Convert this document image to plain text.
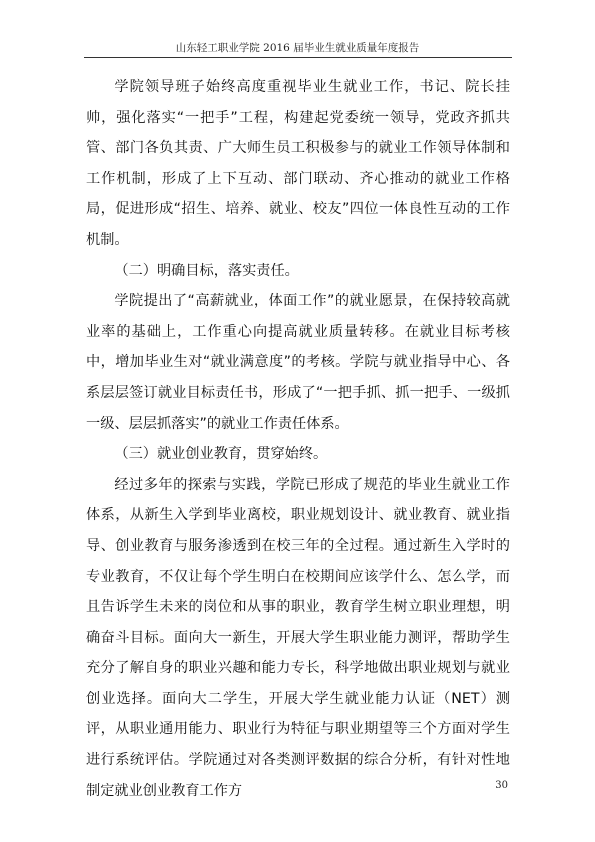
山东轻工职业学院 2016 届毕业生就业质量年度报告

学院领导班子始终高度重视毕业生就业工作，书记、院长挂帅，强化落实“一把手”工程，构建起党委统一领导，党政齐抓共管、部门各负其责、广大师生员工积极参与的就业工作领导体制和工作机制，形成了上下互动、部门联动、齐心推动的就业工作格局，促进形成“招生、培养、就业、校友”四位一体良性互动的工作机制。

（二）明确目标，落实责任。

学院提出了“高薪就业，体面工作”的就业愿景，在保持较高就业率的基础上，工作重心向提高就业质量转移。在就业目标考核中，增加毕业生对“就业满意度”的考核。学院与就业指导中心、各系层层签订就业目标责任书，形成了“一把手抓、抓一把手、一级抓一级、层层抓落实”的就业工作责任体系。

（三）就业创业教育，贯穿始终。

经过多年的探索与实践，学院已形成了规范的毕业生就业工作体系，从新生入学到毕业离校，职业规划设计、就业教育、就业指导、创业教育与服务渗透到在校三年的全过程。通过新生入学时的专业教育，不仅让每个学生明白在校期间应该学什么、怎么学，而且告诉学生未来的岗位和从事的职业，教育学生树立职业理想，明确奋斗目标。面向大一新生，开展大学生职业能力测评，帮助学生充分了解自身的职业兴趣和能力专长，科学地做出职业规划与就业创业选择。面向大二学生，开展大学生就业能力认证（NET）测评，从职业通用能力、职业行为特征与职业期望等三个方面对学生进行系统评估。学院通过对各类测评数据的综合分析，有针对性地制定就业创业教育工作方	30
